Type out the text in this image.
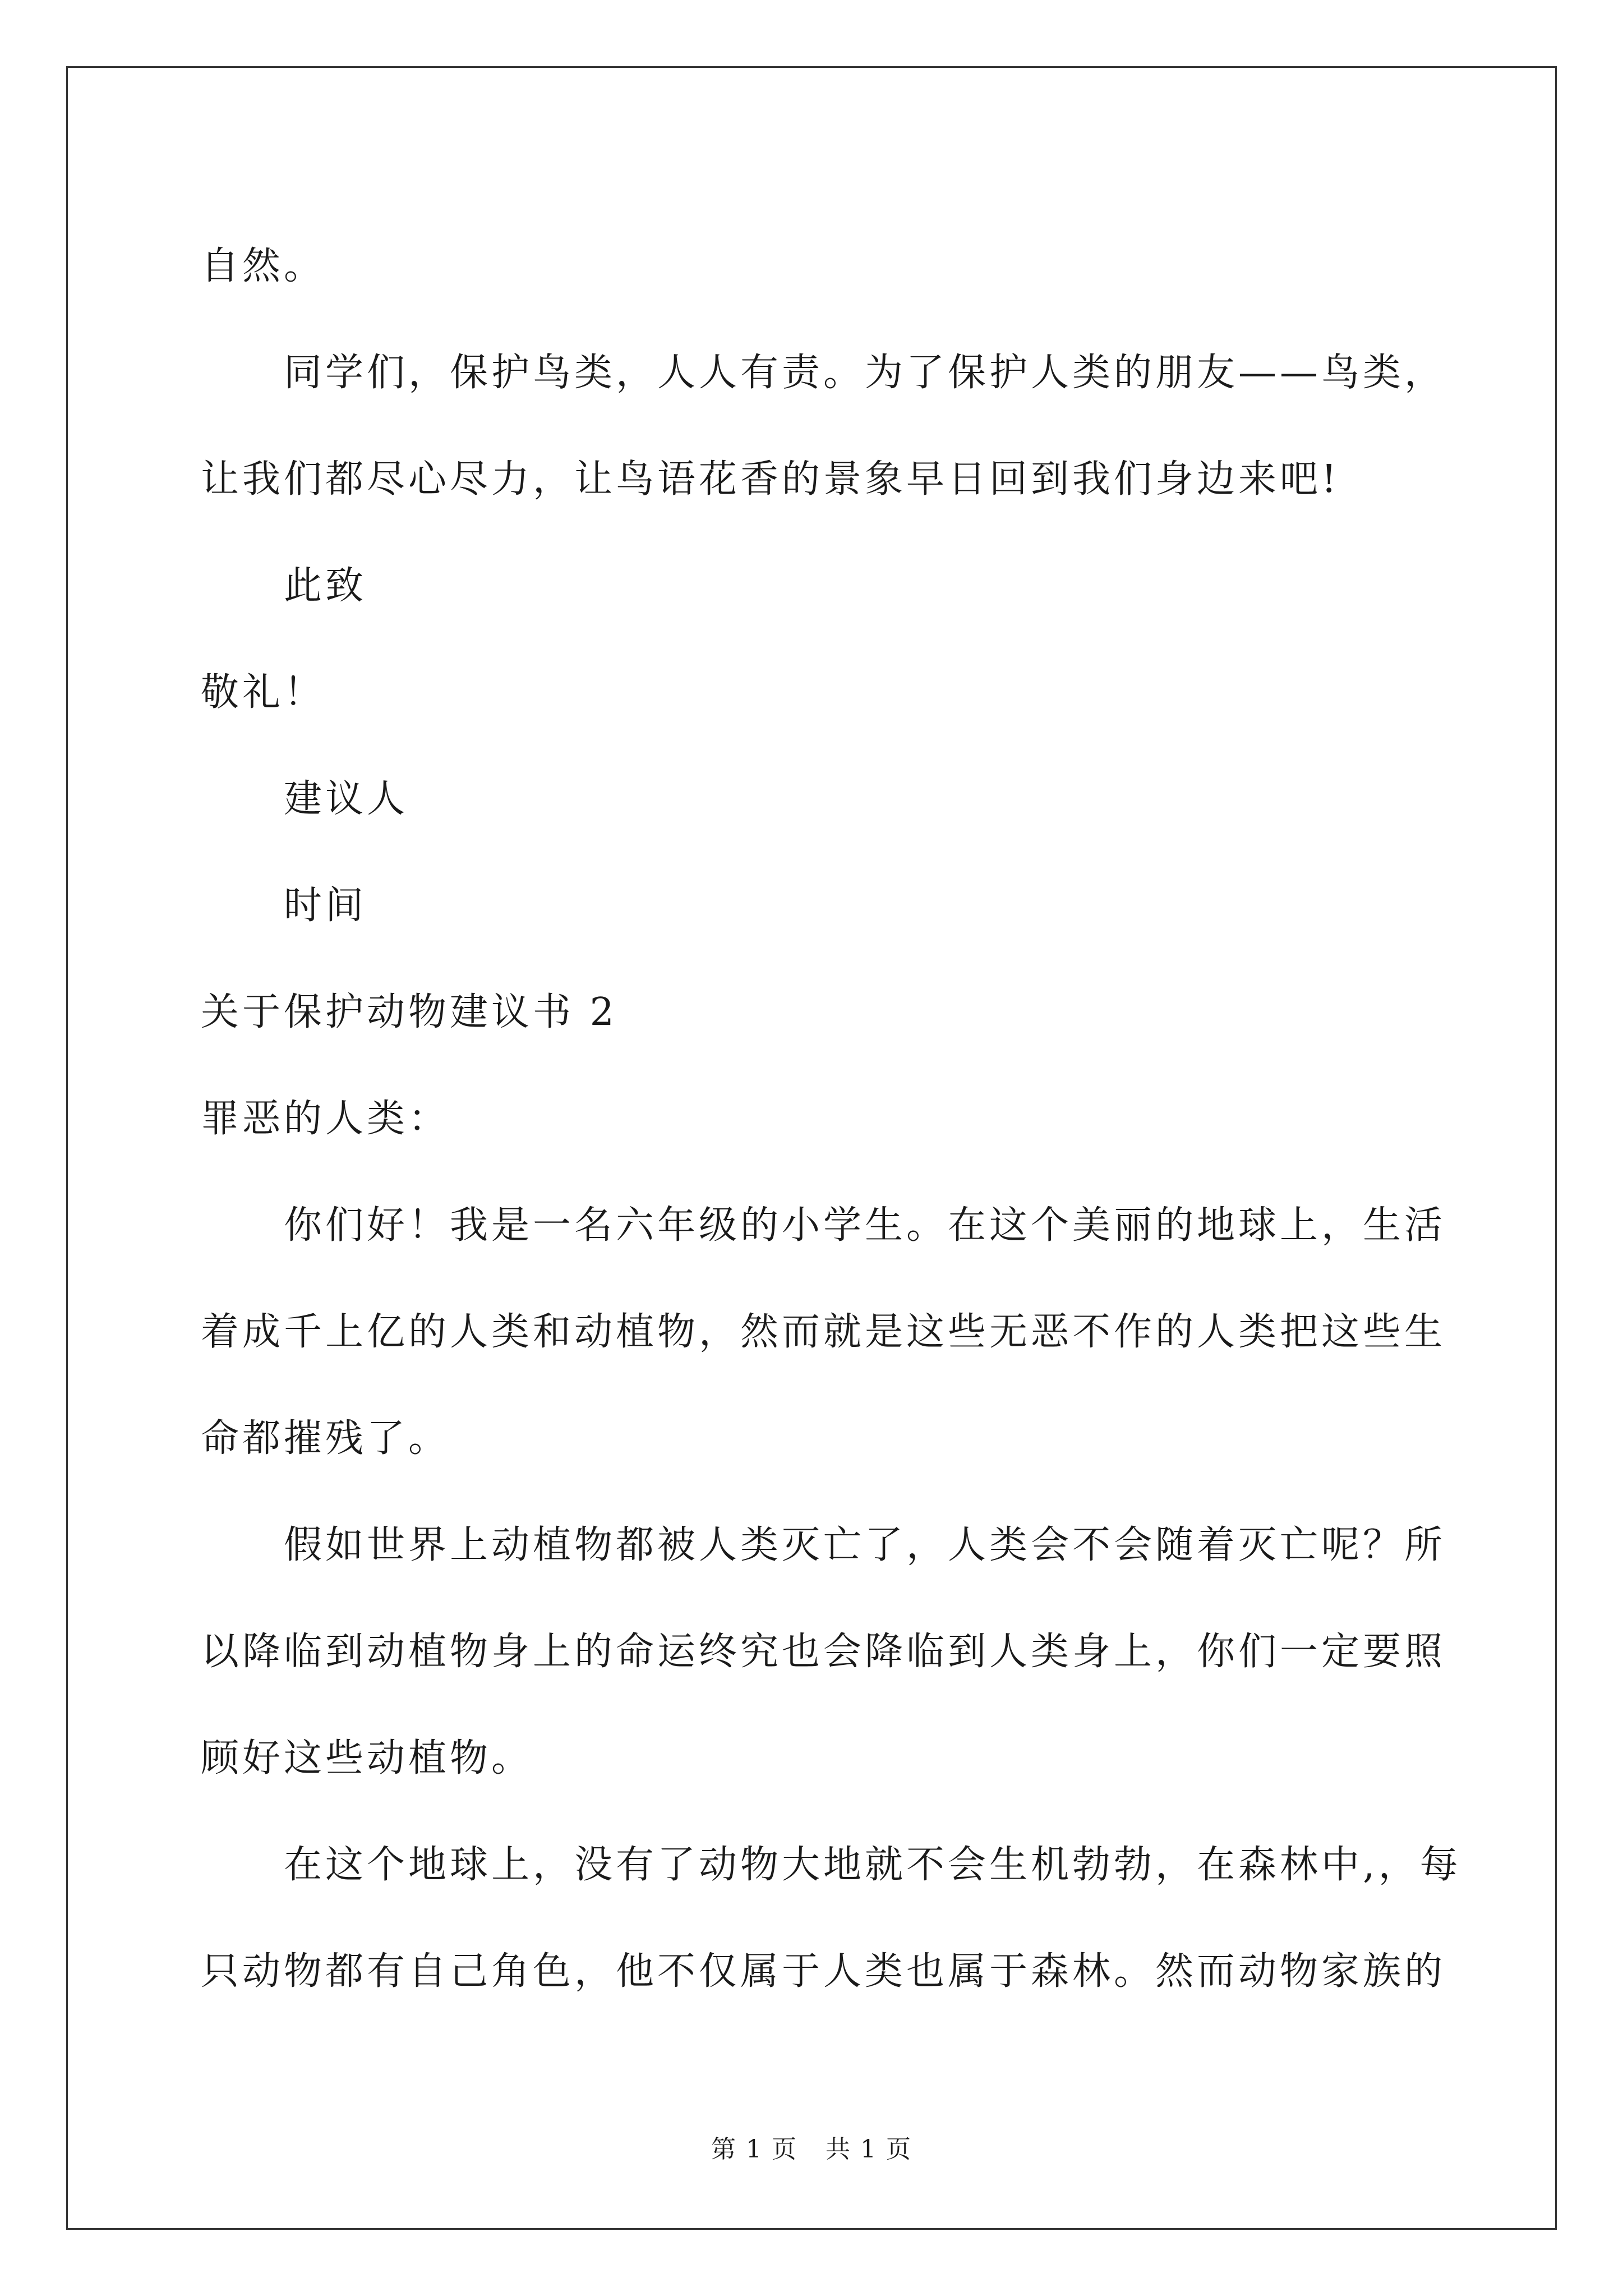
自然。
同学们，保护鸟类，人人有责。为了保护人类的朋友——鸟类，
让我们都尽心尽力，让鸟语花香的景象早日回到我们身边来吧!
此致
敬礼！
建议人
时间
关于保护动物建议书 2
罪恶的人类：
你们好！我是一名六年级的小学生。在这个美丽的地球上，生活
着成千上亿的人类和动植物，然而就是这些无恶不作的人类把这些生
命都摧残了。
假如世界上动植物都被人类灭亡了，人类会不会随着灭亡呢？所
以降临到动植物身上的命运终究也会降临到人类身上，你们一定要照
顾好这些动植物。
在这个地球上，没有了动物大地就不会生机勃勃，在森林中,，每
只动物都有自己角色，他不仅属于人类也属于森林。然而动物家族的
第 1 页 共 1 页
